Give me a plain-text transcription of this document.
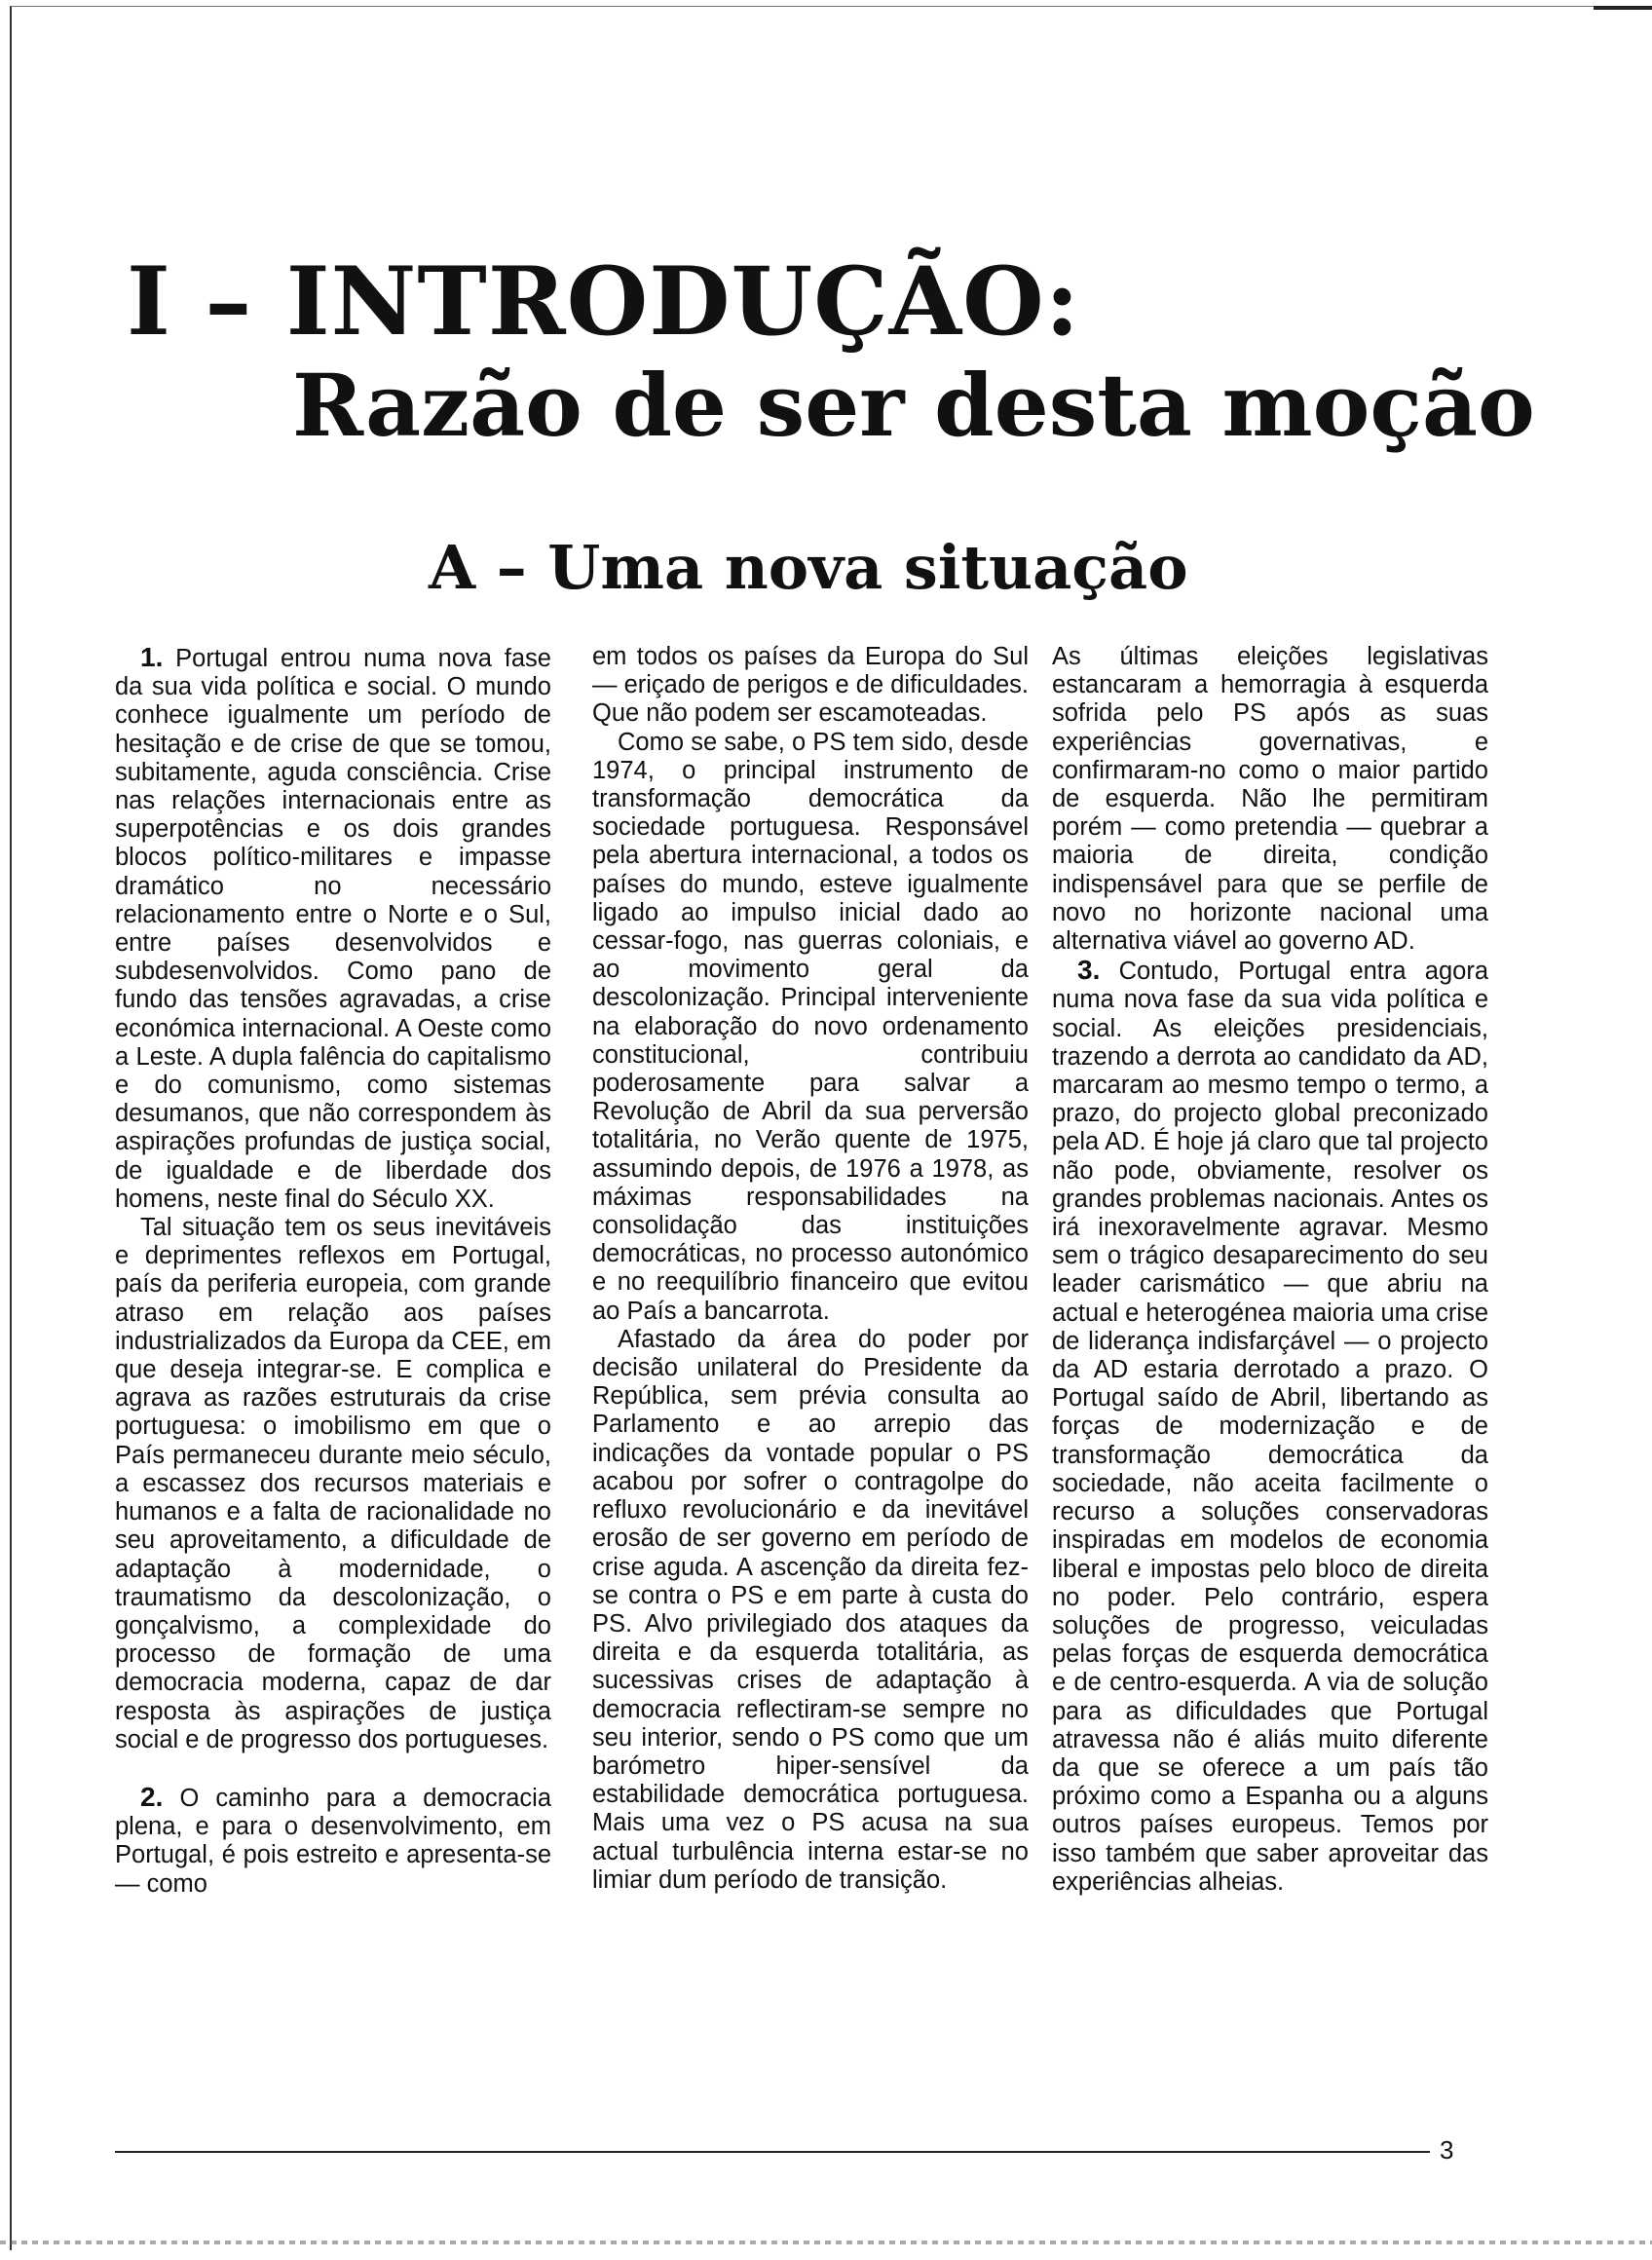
I – INTRODUÇÃO:
Razão de ser desta moção
A – Uma nova situação

1. Portugal entrou numa nova fase da sua vida política e social. O mundo conhece igualmente um período de hesitação e de crise de que se tomou, subitamente, aguda consciência. Crise nas relações internacionais entre as superpotências e os dois grandes blocos político-militares e impasse dramático no necessário relacionamento entre o Norte e o Sul, entre países desenvolvidos e subdesenvolvidos. Como pano de fundo das tensões agravadas, a crise económica internacional. A Oeste como a Leste. A dupla falência do capitalismo e do comunismo, como sistemas desumanos, que não correspondem às aspirações profundas de justiça social, de igualdade e de liberdade dos homens, neste final do Século XX.

Tal situação tem os seus inevitáveis e deprimentes reflexos em Portugal, país da periferia europeia, com grande atraso em relação aos países industrializados da Europa da CEE, em que deseja integrar-se. E complica e agrava as razões estruturais da crise portuguesa: o imobilismo em que o País permaneceu durante meio século, a escassez dos recursos materiais e humanos e a falta de racionalidade no seu aproveitamento, a dificuldade de adaptação à modernidade, o traumatismo da descolonização, o gonçalvismo, a complexidade do processo de formação de uma democracia moderna, capaz de dar resposta às aspirações de justiça social e de progresso dos portugueses.

2. O caminho para a democracia plena, e para o desenvolvimento, em Portugal, é pois estreito e apresenta-se — como

em todos os países da Europa do Sul — eriçado de perigos e de dificuldades. Que não podem ser escamoteadas.

Como se sabe, o PS tem sido, desde 1974, o principal instrumento de transformação democrática da sociedade portuguesa. Responsável pela abertura internacional, a todos os países do mundo, esteve igualmente ligado ao impulso inicial dado ao cessar-fogo, nas guerras coloniais, e ao movimento geral da descolonização. Principal interveniente na elaboração do novo ordenamento constitucional, contribuiu poderosamente para salvar a Revolução de Abril da sua perversão totalitária, no Verão quente de 1975, assumindo depois, de 1976 a 1978, as máximas responsabilidades na consolidação das instituições democráticas, no processo autonómico e no reequilíbrio financeiro que evitou ao País a bancarrota.

Afastado da área do poder por decisão unilateral do Presidente da República, sem prévia consulta ao Parlamento e ao arrepio das indicações da vontade popular o PS acabou por sofrer o contragolpe do refluxo revolucionário e da inevitável erosão de ser governo em período de crise aguda. A ascenção da direita fez-se contra o PS e em parte à custa do PS. Alvo privilegiado dos ataques da direita e da esquerda totalitária, as sucessivas crises de adaptação à democracia reflectiram-se sempre no seu interior, sendo o PS como que um barómetro hiper-sensível da estabilidade democrática portuguesa. Mais uma vez o PS acusa na sua actual turbulência interna estar-se no limiar dum período de transição.

As últimas eleições legislativas estancaram a hemorragia à esquerda sofrida pelo PS após as suas experiências governativas, e confirmaram-no como o maior partido de esquerda. Não lhe permitiram porém — como pretendia — quebrar a maioria de direita, condição indispensável para que se perfile de novo no horizonte nacional uma alternativa viável ao governo AD.

3. Contudo, Portugal entra agora numa nova fase da sua vida política e social. As eleições presidenciais, trazendo a derrota ao candidato da AD, marcaram ao mesmo tempo o termo, a prazo, do projecto global preconizado pela AD. É hoje já claro que tal projecto não pode, obviamente, resolver os grandes problemas nacionais. Antes os irá inexoravelmente agravar. Mesmo sem o trágico desaparecimento do seu leader carismático — que abriu na actual e heterogénea maioria uma crise de liderança indisfarçável — o projecto da AD estaria derrotado a prazo. O Portugal saído de Abril, libertando as forças de modernização e de transformação democrática da sociedade, não aceita facilmente o recurso a soluções conservadoras inspiradas em modelos de economia liberal e impostas pelo bloco de direita no poder. Pelo contrário, espera soluções de progresso, veiculadas pelas forças de esquerda democrática e de centro-esquerda. A via de solução para as dificuldades que Portugal atravessa não é aliás muito diferente da que se oferece a um país tão próximo como a Espanha ou a alguns outros países europeus. Temos por isso também que saber aproveitar das experiências alheias.

3
